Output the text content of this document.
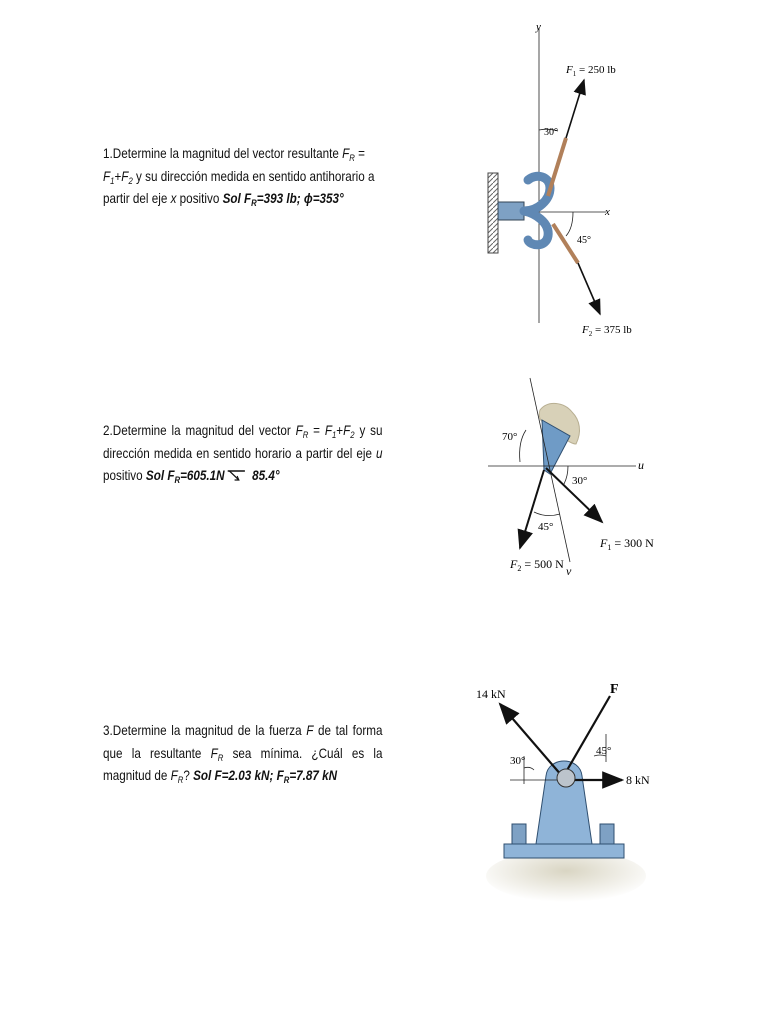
1.Determine la magnitud del vector resultante $F_R = F_1+F_2$ y su dirección medida en sentido antihorario a partir del eje x positivo Sol $F_R=393$ lb; ϕ=353°
y
x
30°
45°
$F_1 = 250$ lb
$F_2 = 375$ lb
2.Determine la magnitud del vector $F_R = F_1+F_2$ y su dirección medida en sentido horario a partir del eje u positivo Sol $F_R=605.1N$ 85.4°
u
v
70°
30°
45°
$F_1 = 300$ N
$F_2 = 500$ N
3.Determine la magnitud de la fuerza F de tal forma que la resultante $F_R$ sea mínima. ¿Cuál es la magnitud de $F_R$? Sol F=2.03 kN; $F_R=7.87$ kN
14 kN	F
8 kN
30°
45°
